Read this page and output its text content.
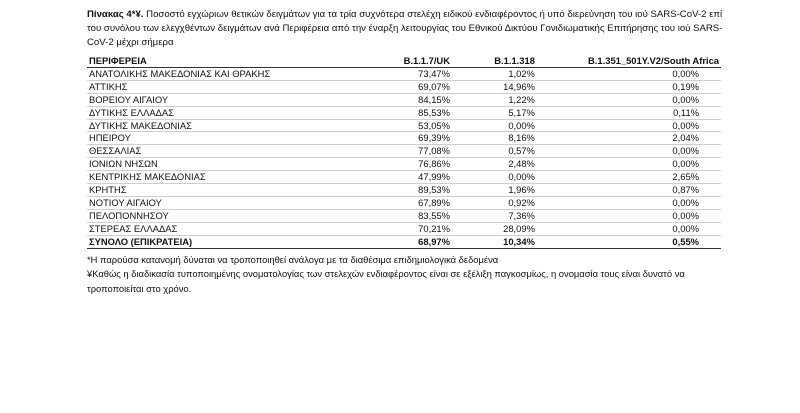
Πίνακας 4*¥. Ποσοστό εγχώριων θετικών δειγμάτων για τα τρία συχνότερα στελέχη ειδικού ενδιαφέροντος ή υπό διερεύνηση του ιού SARS-CoV-2 επί του συνόλου των ελεγχθέντων δειγμάτων ανά Περιφέρεια από την έναρξη λειτουργίας του Εθνικού Δικτύου Γονιδιωματικής Επιτήρησης του ιού SARS-CoV-2 μέχρι σήμερα

ΠΕΡΙΦΕΡΕΙΑ	B.1.1.7/UK	B.1.1.318	B.1.351_501Y.V2/South Africa
ΑΝΑΤΟΛΙΚΗΣ ΜΑΚΕΔΟΝΙΑΣ ΚΑΙ ΘΡΑΚΗΣ	73,47%	1,02%	0,00%
ΑΤΤΙΚΗΣ	69,07%	14,96%	0,19%
ΒΟΡΕΙΟΥ ΑΙΓΑΙΟΥ	84,15%	1,22%	0,00%
ΔΥΤΙΚΗΣ ΕΛΛΑΔΑΣ	85,53%	5,17%	0,11%
ΔΥΤΙΚΗΣ ΜΑΚΕΔΟΝΙΑΣ	53,05%	0,00%	0,00%
ΗΠΕΙΡΟΥ	69,39%	8,16%	2,04%
ΘΕΣΣΑΛΙΑΣ	77,08%	0,57%	0,00%
ΙΟΝΙΩΝ ΝΗΣΩΝ	76,86%	2,48%	0,00%
ΚΕΝΤΡΙΚΗΣ ΜΑΚΕΔΟΝΙΑΣ	47,99%	0,00%	2,65%
ΚΡΗΤΗΣ	89,53%	1,96%	0,87%
ΝΟΤΙΟΥ ΑΙΓΑΙΟΥ	67,89%	0,92%	0,00%
ΠΕΛΟΠΟΝΝΗΣΟΥ	83,55%	7,36%	0,00%
ΣΤΕΡΕΑΣ ΕΛΛΑΔΑΣ	70,21%	28,09%	0,00%
ΣΥΝΟΛΟ (ΕΠΙΚΡΑΤΕΙΑ)	68,97%	10,34%	0,55%

*Η παρούσα κατανομή δύναται να τροποποιηθεί ανάλογα με τα διαθέσιμα επιδημιολογικά δεδομένα

¥Καθώς η διαδικασία τυποποιημένης ονοματολογίας των στελεχών ενδιαφέροντος είναι σε εξέλιξη παγκοσμίως, η ονομασία τους είναι δυνατό να τροποποιείται στο χρόνο.
